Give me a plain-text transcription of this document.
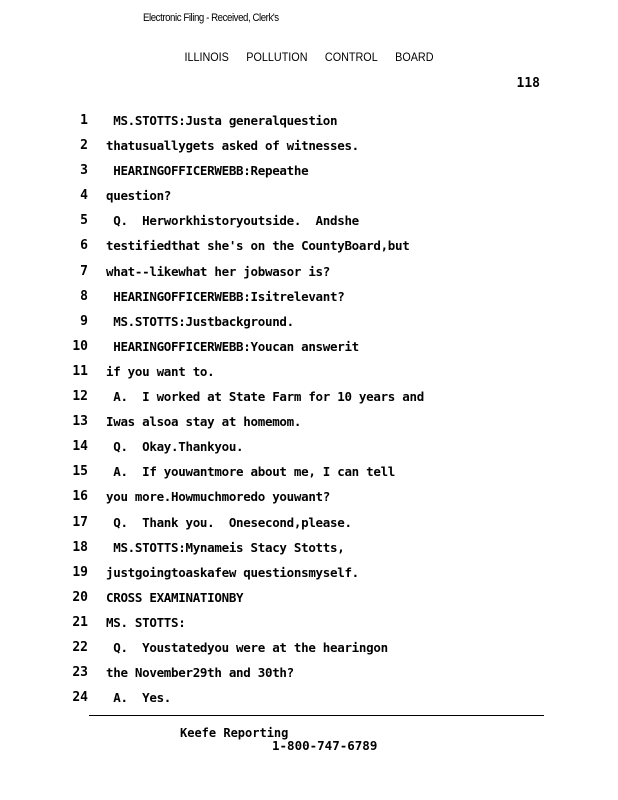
Electronic Filing - Received, Clerk's
ILLINOIS POLLUTION CONTROL BOARD
118
1 MS.STOTTS:Justa generalquestion
2 thatusuallygets asked of witnesses.
3 HEARINGOFFICERWEBB:Repeathe
4 question?
5 Q.  Herworkhistoryoutside.  Andshe
6 testifiedthat she's on the CountyBoard,but
7 what--likewhat her jobwasor is?
8 HEARINGOFFICERWEBB:Isitrelevant?
9 MS.STOTTS:Justbackground.
10 HEARINGOFFICERWEBB:Youcan answerit
11 if you want to.
12 A.  I worked at State Farm for 10 years and
13 Iwas alsoa stay at homemom.
14 Q.  Okay.Thankyou.
15 A.  If youwantmore about me, I can tell
16 you more.Howmuchmoredo youwant?
17 Q.  Thank you.  Onesecond,please.
18 MS.STOTTS:Mynameis Stacy Stotts,
19 justgoingtoaskafew questionsmyself.
20 CROSS EXAMINATIONBY
21 MS. STOTTS:
22 Q.  Youstatedyou were at the hearingon
23 the November29th and 30th?
24 A.  Yes.
Keefe Reporting
1-800-747-6789
